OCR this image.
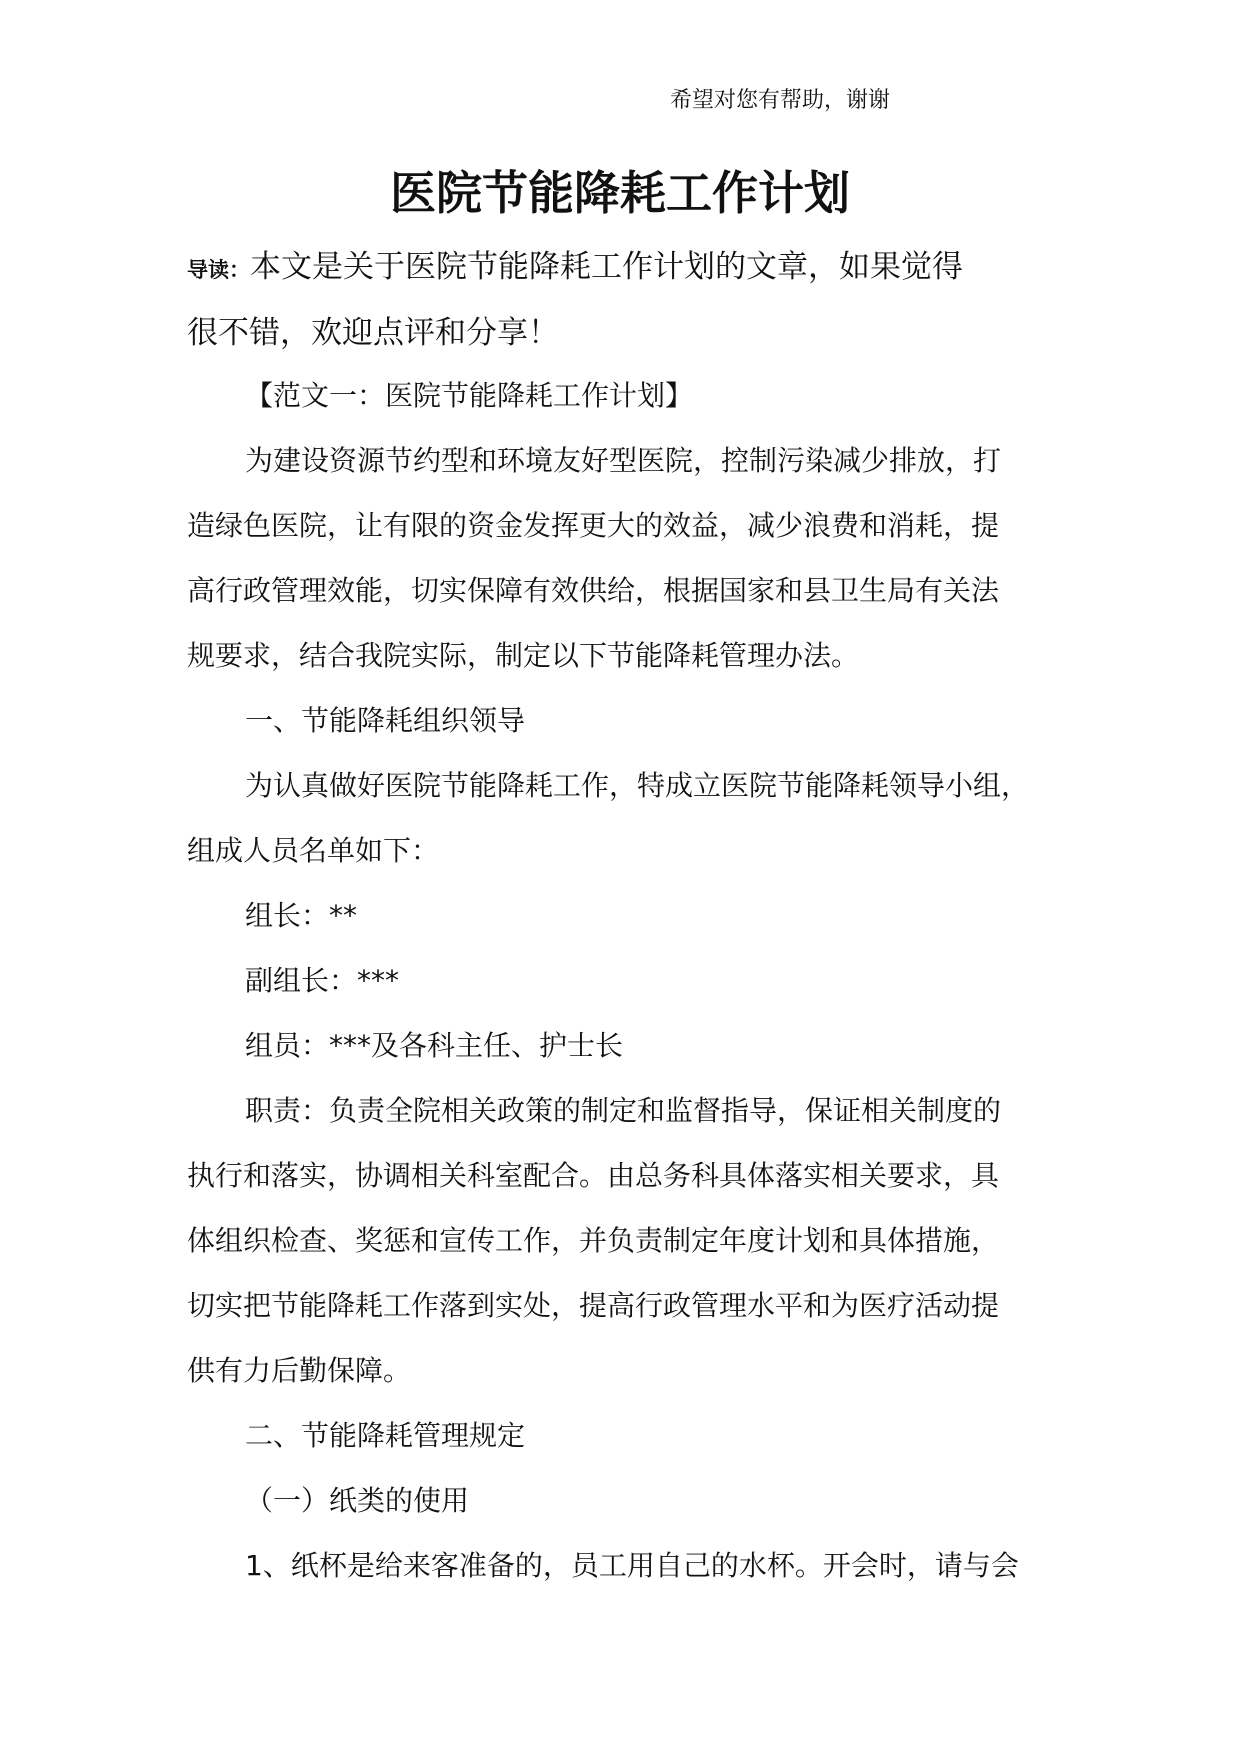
希望对您有帮助，谢谢
医院节能降耗工作计划
导读：本文是关于医院节能降耗工作计划的文章，如果觉得
很不错，欢迎点评和分享！
【范文一：医院节能降耗工作计划】
为建设资源节约型和环境友好型医院，控制污染减少排放，打
造绿色医院，让有限的资金发挥更大的效益，减少浪费和消耗，提
高行政管理效能，切实保障有效供给，根据国家和县卫生局有关法
规要求，结合我院实际，制定以下节能降耗管理办法。
一、节能降耗组织领导
为认真做好医院节能降耗工作，特成立医院节能降耗领导小组，
组成人员名单如下：
组长：**
副组长：***
组员：***及各科主任、护士长
职责：负责全院相关政策的制定和监督指导，保证相关制度的
执行和落实，协调相关科室配合。由总务科具体落实相关要求，具
体组织检查、奖惩和宣传工作，并负责制定年度计划和具体措施，
切实把节能降耗工作落到实处，提高行政管理水平和为医疗活动提
供有力后勤保障。
二、节能降耗管理规定
（一）纸类的使用
1、纸杯是给来客准备的，员工用自己的水杯。开会时，请与会
